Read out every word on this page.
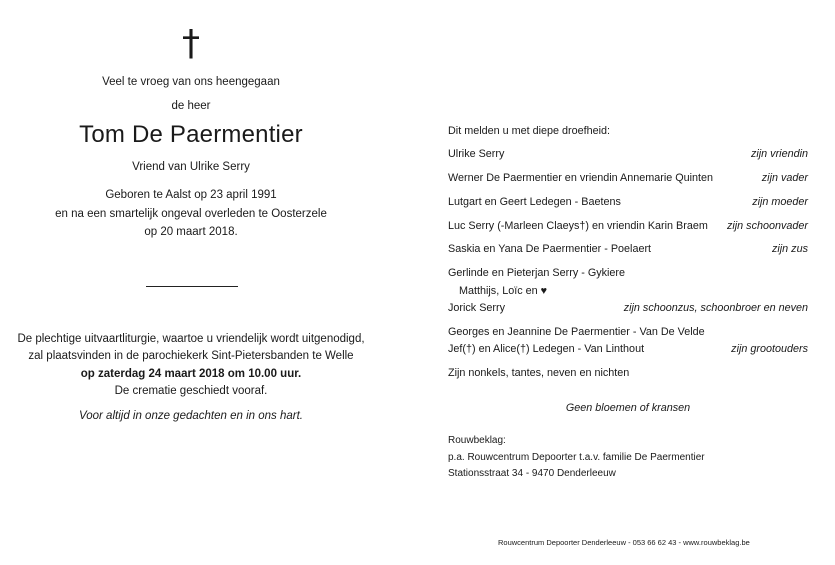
†
Veel te vroeg van ons heengegaan
de heer
Tom De Paermentier
Vriend van Ulrike Serry
Geboren te Aalst op 23 april 1991
en na een smartelijk ongeval overleden te Oosterzele
op 20 maart 2018.
De plechtige uitvaartliturgie, waartoe u vriendelijk wordt uitgenodigd,
zal plaatsvinden in de parochiekerk Sint-Pietersbanden te Welle
op zaterdag 24 maart 2018 om 10.00 uur.
De crematie geschiedt vooraf.
Voor altijd in onze gedachten en in ons hart.
Dit melden u met diepe droefheid:
Ulrike Serry	zijn vriendin
Werner De Paermentier en vriendin Annemarie Quinten	zijn vader
Lutgart en Geert Ledegen - Baetens	zijn moeder
Luc Serry (-Marleen Claeys†) en vriendin Karin Braem zijn schoonvader
Saskia en Yana De Paermentier - Poelaert	zijn zus
Gerlinde en Pieterjan Serry - Gykiere
Matthijs, Loïc en ♥
Jorick Serry	zijn schoonzus, schoonbroer en neven
Georges en Jeannine De Paermentier - Van De Velde
Jef(†) en Alice(†) Ledegen - Van Linthout	zijn grootouders
Zijn nonkels, tantes, neven en nichten
Geen bloemen of kransen
Rouwbeklag:
p.a. Rouwcentrum Depoorter t.a.v. familie De Paermentier
Stationsstraat 34 - 9470 Denderleeuw
Rouwcentrum Depoorter Denderleeuw - 053 66 62 43 - www.rouwbeklag.be
